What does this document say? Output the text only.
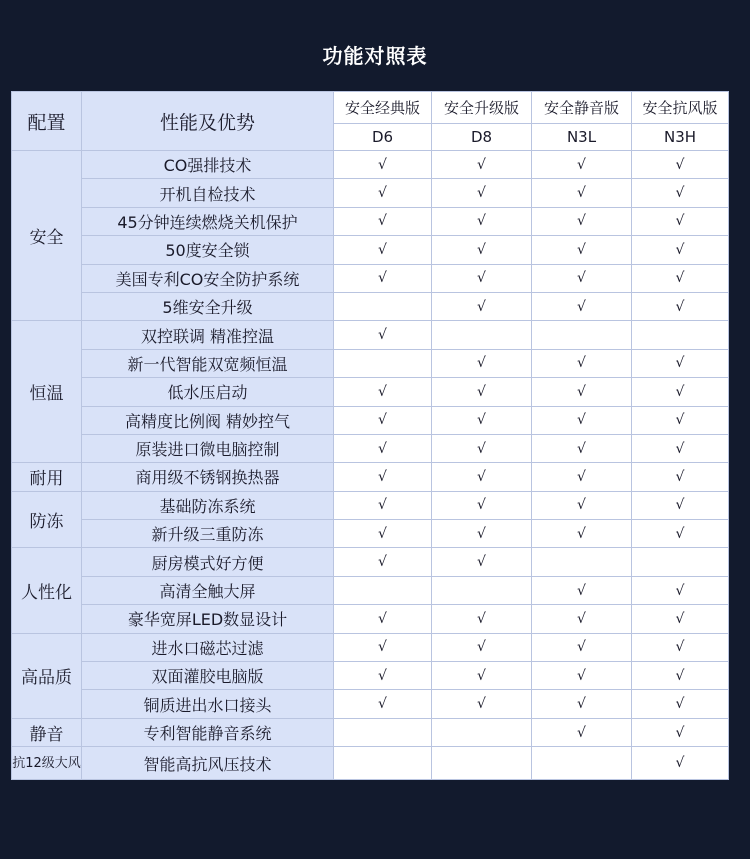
功能对照表
配置	性能及优势	安全经典版	安全升级版	安全静音版	安全抗风版
		D6	D8	N3L	N3H
安全	CO强排技术	√	√	√	√
	开机自检技术	√	√	√	√
	45分钟连续燃烧关机保护	√	√	√	√
	50度安全锁	√	√	√	√
	美国专利CO安全防护系统	√	√	√	√
	5维安全升级		√	√	√
恒温	双控联调 精准控温	√			
	新一代智能双宽频恒温		√	√	√
	低水压启动	√	√	√	√
	高精度比例阀 精妙控气	√	√	√	√
	原装进口微电脑控制	√	√	√	√
耐用	商用级不锈钢换热器	√	√	√	√
防冻	基础防冻系统	√	√	√	√
	新升级三重防冻	√	√	√	√
人性化	厨房模式好方便	√	√		
	高清全触大屏			√	√
	豪华宽屏LED数显设计	√	√	√	√
高品质	进水口磁芯过滤	√	√	√	√
	双面灌胶电脑版	√	√	√	√
	铜质进出水口接头	√	√	√	√
静音	专利智能静音系统			√	√
抗12级大风	智能高抗风压技术				√
